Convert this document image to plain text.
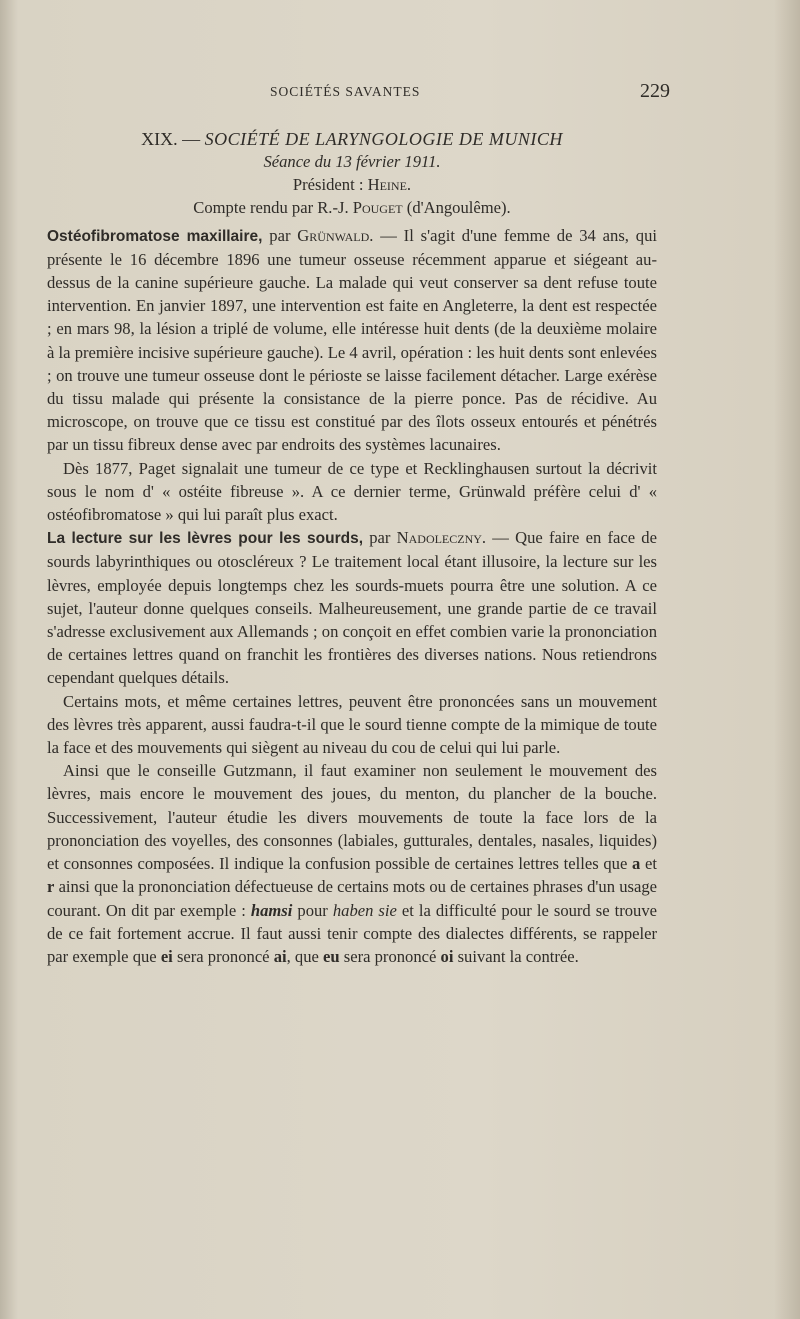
SOCIÉTÉS SAVANTES	229
XIX. — SOCIÉTÉ DE LARYNGOLOGIE DE MUNICH
Séance du 13 février 1911.
Président : Heine.
Compte rendu par R.-J. Pouget (d'Angoulême).

Ostéofibromatose maxillaire, par Grünwald. — Il s'agit d'une femme de 34 ans, qui présente le 16 décembre 1896 une tumeur osseuse récemment apparue et siégeant au-dessus de la canine supérieure gauche. La malade qui veut conserver sa dent refuse toute intervention. En janvier 1897, une intervention est faite en Angleterre, la dent est respectée ; en mars 98, la lésion a triplé de volume, elle intéresse huit dents (de la deuxième molaire à la première incisive supérieure gauche). Le 4 avril, opération : les huit dents sont enlevées ; on trouve une tumeur osseuse dont le périoste se laisse facilement détacher. Large exérèse du tissu malade qui présente la consistance de la pierre ponce. Pas de récidive. Au microscope, on trouve que ce tissu est constitué par des îlots osseux entourés et pénétrés par un tissu fibreux dense avec par endroits des systèmes lacunaires.

Dès 1877, Paget signalait une tumeur de ce type et Recklinghausen surtout la décrivit sous le nom d' « ostéite fibreuse ». A ce dernier terme, Grünwald préfère celui d' « ostéofibromatose » qui lui paraît plus exact.

La lecture sur les lèvres pour les sourds, par Nadoleczny. — Que faire en face de sourds labyrinthiques ou otoscléreux ? Le traitement local étant illusoire, la lecture sur les lèvres, employée depuis longtemps chez les sourds-muets pourra être une solution. A ce sujet, l'auteur donne quelques conseils. Malheureusement, une grande partie de ce travail s'adresse exclusivement aux Allemands ; on conçoit en effet combien varie la prononciation de certaines lettres quand on franchit les frontières des diverses nations. Nous retiendrons cependant quelques détails.

Certains mots, et même certaines lettres, peuvent être prononcées sans un mouvement des lèvres très apparent, aussi faudra-t-il que le sourd tienne compte de la mimique de toute la face et des mouvements qui siègent au niveau du cou de celui qui lui parle.

Ainsi que le conseille Gutzmann, il faut examiner non seulement le mouvement des lèvres, mais encore le mouvement des joues, du menton, du plancher de la bouche. Successivement, l'auteur étudie les divers mouvements de toute la face lors de la prononciation des voyelles, des consonnes (labiales, gutturales, dentales, nasales, liquides) et consonnes composées. Il indique la confusion possible de certaines lettres telles que a et r ainsi que la prononciation défectueuse de certains mots ou de certaines phrases d'un usage courant. On dit par exemple : hamsi pour haben sie et la difficulté pour le sourd se trouve de ce fait fortement accrue. Il faut aussi tenir compte des dialectes différents, se rappeler par exemple que ei sera prononcé ai, que eu sera prononcé oi suivant la contrée.
